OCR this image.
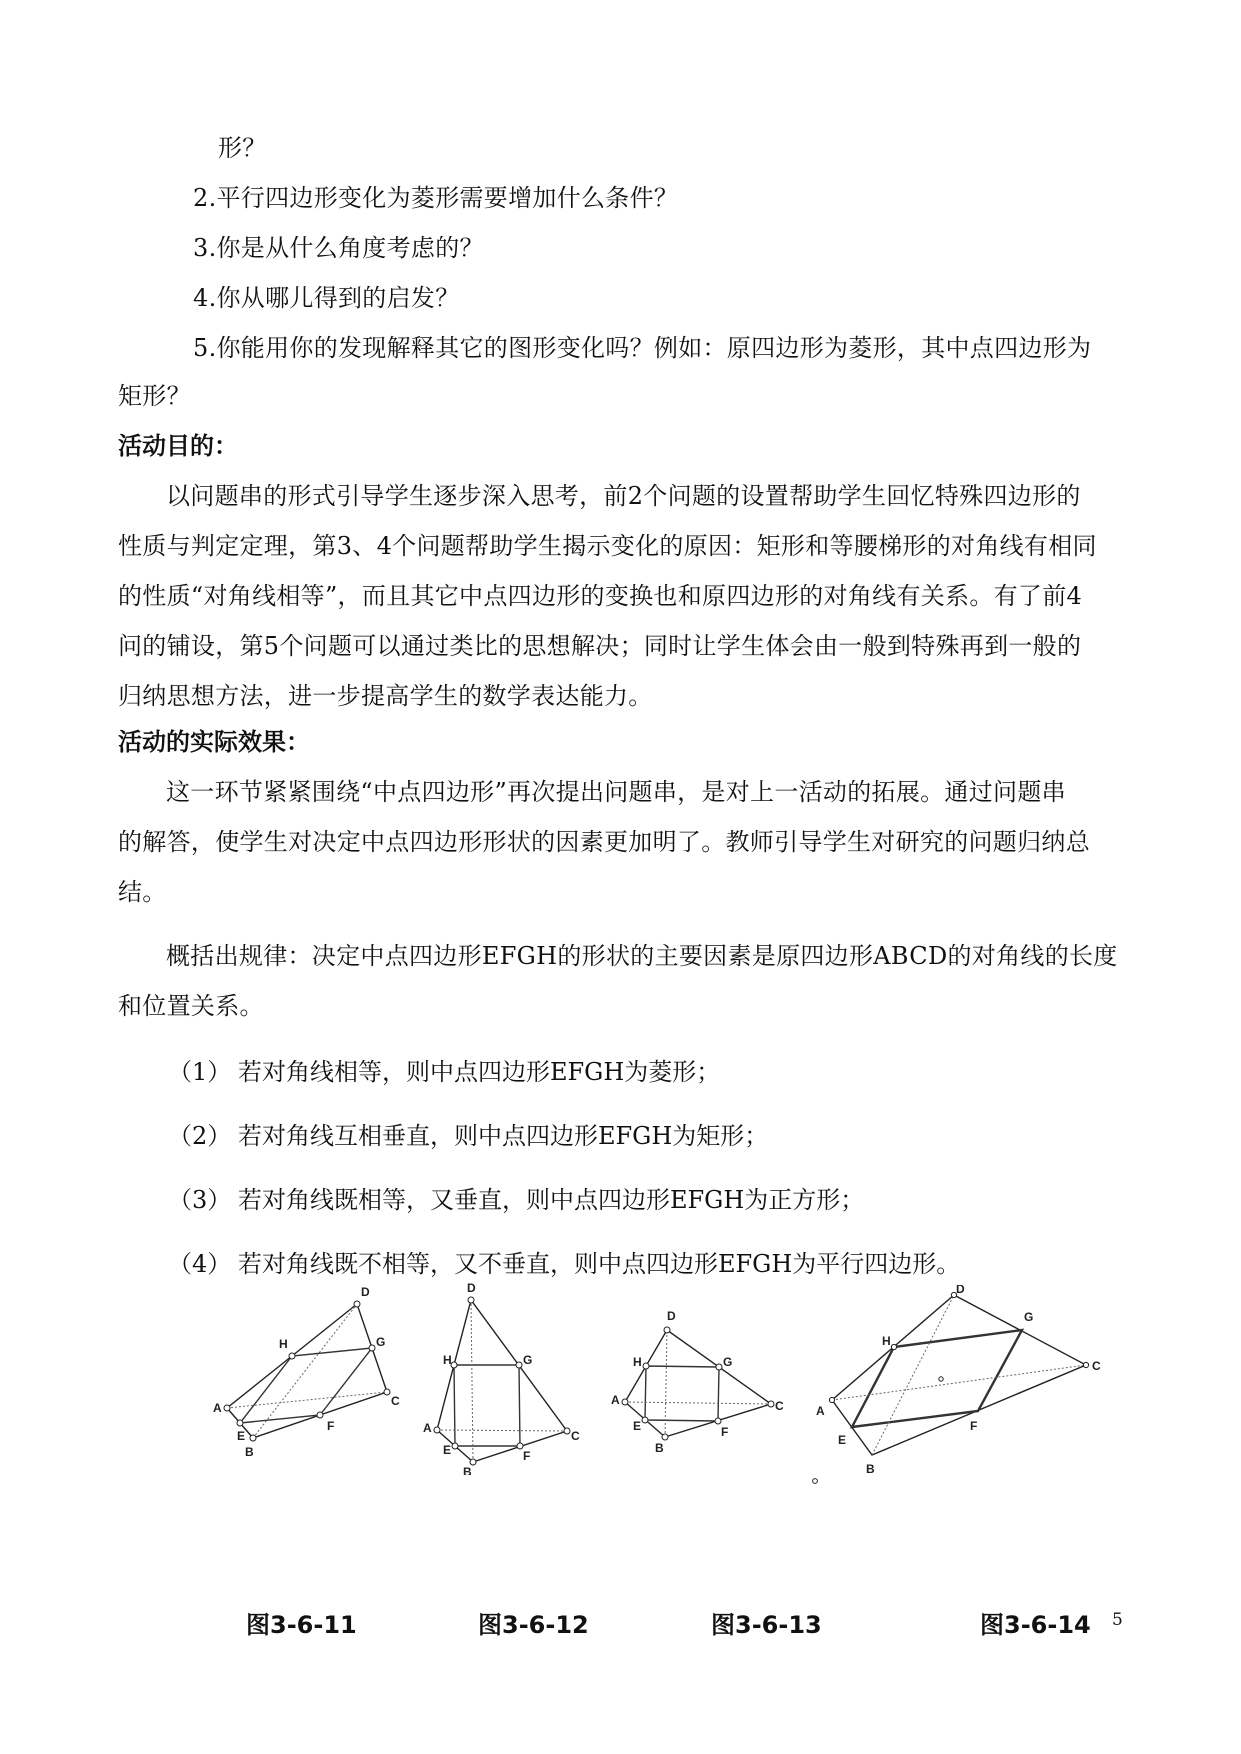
形？
2.平行四边形变化为菱形需要增加什么条件？
3.你是从什么角度考虑的？
4.你从哪儿得到的启发？
5.你能用你的发现解释其它的图形变化吗？例如：原四边形为菱形，其中点四边形为
矩形？
活动目的：
以问题串的形式引导学生逐步深入思考，前2个问题的设置帮助学生回忆特殊四边形的
性质与判定定理，第3、4个问题帮助学生揭示变化的原因：矩形和等腰梯形的对角线有相同
的性质“对角线相等”，而且其它中点四边形的变换也和原四边形的对角线有关系。有了前4
问的铺设，第5个问题可以通过类比的思想解决；同时让学生体会由一般到特殊再到一般的
归纳思想方法，进一步提高学生的数学表达能力。
活动的实际效果：
这一环节紧紧围绕“中点四边形”再次提出问题串，是对上一活动的拓展。通过问题串
的解答，使学生对决定中点四边形形状的因素更加明了。教师引导学生对研究的问题归纳总
结。
概括出规律：决定中点四边形EFGH的形状的主要因素是原四边形ABCD的对角线的长度
和位置关系。
（1） 若对角线相等，则中点四边形EFGH为菱形；
（2） 若对角线互相垂直，则中点四边形EFGH为矩形；
（3） 若对角线既相等，又垂直，则中点四边形EFGH为正方形；
（4） 若对角线既不相等，又不垂直，则中点四边形EFGH为平行四边形。
A
B
C
D
E
F
G
H
A
B
C
D
E	F
G
H
A
B
C
D
E	F
G
H
A
B
C
D
E
F
G
H
图3-6-11	图3-6-12	图3-6-13	图3-6-14 5
